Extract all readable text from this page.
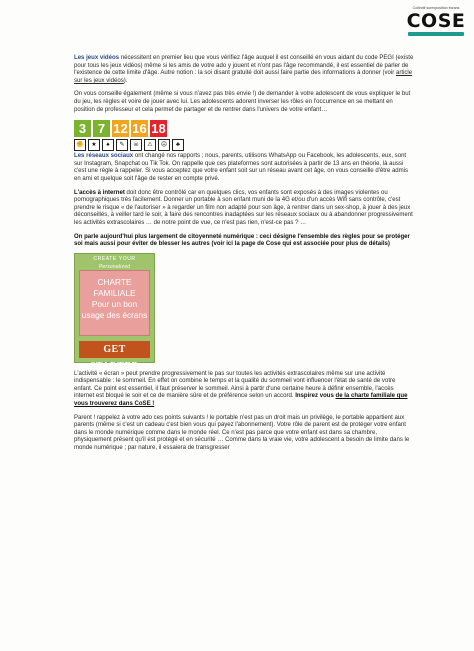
Collectif surexposition écrans
COSE

Les jeux vidéos nécessitent en premier lieu que vous vérifiez l'âge auquel il est conseillé en vous aidant du code PEGI (existe pour tous les jeux vidéos) même si les amis de votre ado y jouent et n'ont pas l'âge recommandé, il est essentiel de parler de l'existence de cette limite d'âge. Autre notion : la soi disant gratuité doit aussi faire partie des informations à donner (voir article sur les jeux vidéos).

On vous conseille également (même si vous n'avez pas très envie !) de demander à votre adolescent de vous expliquer le but du jeu, les règles et voire de jouer avec lui. Les adolescents adorent inverser les rôles en l'occurrence en se mettant en position de professeur et cela permet de partager et de rentrer dans l'univers de votre enfant…

3 7 12 16 18
✊	★	♠	✎	☠	⚠	☹	♣

Les réseaux sociaux ont changé nos rapports ; nous, parents, utilisons WhatsApp ou Facebook, les adolescents, eux, sont sur Instagram, Snapchat ou Tik Tok. On rappelle que ces plateformes sont autorisées à partir de 13 ans en théorie, là aussi c'est une règle à rappeler. Si vous acceptez que votre enfant soit sur un réseau avant cet âge, on vous conseille d'être admis en ami et quelque soit l'âge de rester en compte privé.

L'accès à internet doit donc être contrôlé car en quelques clics, vos enfants sont exposés à des images violentes ou pornographiques très facilement. Donner un portable à son enfant muni de la 4G et/ou d'un accès Wifi sans contrôle, c'est prendre le risque « de l'autoriser » à regarder un film non adapté pour son âge, à rentrer dans un sex-shop, à jouer à des jeux déconseillés, à veiller tard le soir, à faire des rencontres inadaptées sur les réseaux sociaux ou à abandonner progressivement les activités extrascolaires … de notre point de vue, ce n'est pas rien, n'est-ce pas ? …

On parle aujourd'hui plus largement de citoyenneté numérique : ceci désigne l'ensemble des règles pour se protéger soi mais aussi pour éviter de blesser les autres (voir ici la page de Cose qui est associée pour plus de détails)

CREATE YOUR
Personalized
CHARTE
FAMILIALE
Pour un bon
usage des écrans
GET STARTED

L'activité « écran » peut prendre progressivement le pas sur toutes les activités extrascolaires même sur une activité indispensable : le sommeil. En effet on combine le temps et la qualité du sommeil vont influencer l'état de santé de votre enfant. Ce point est essentiel, il faut préserver le sommeil. Ainsi à partir d'une certaine heure à définir ensemble, l'accès internet est bloqué le soir et ce de manière sûre et de préférence selon un accord. Inspirez vous de la charte familiale que vous trouverez dans CoSE !

Parent ! rappelez à votre ado ces points suivants ! le portable n'est pas un droit mais un privilège, le portable appartient aux parents (même si c'est un cadeau c'est bien vous qui payez l'abonnement). Votre rôle de parent est de protéger votre enfant dans le monde numérique comme dans le monde réel. Ce n'est pas parce que votre enfant est dans sa chambre, physiquement présent qu'il est protégé et en sécurité … Comme dans la vraie vie, votre adolescent a besoin de limite dans le monde numérique ; par nature, il essaiera de transgresser
